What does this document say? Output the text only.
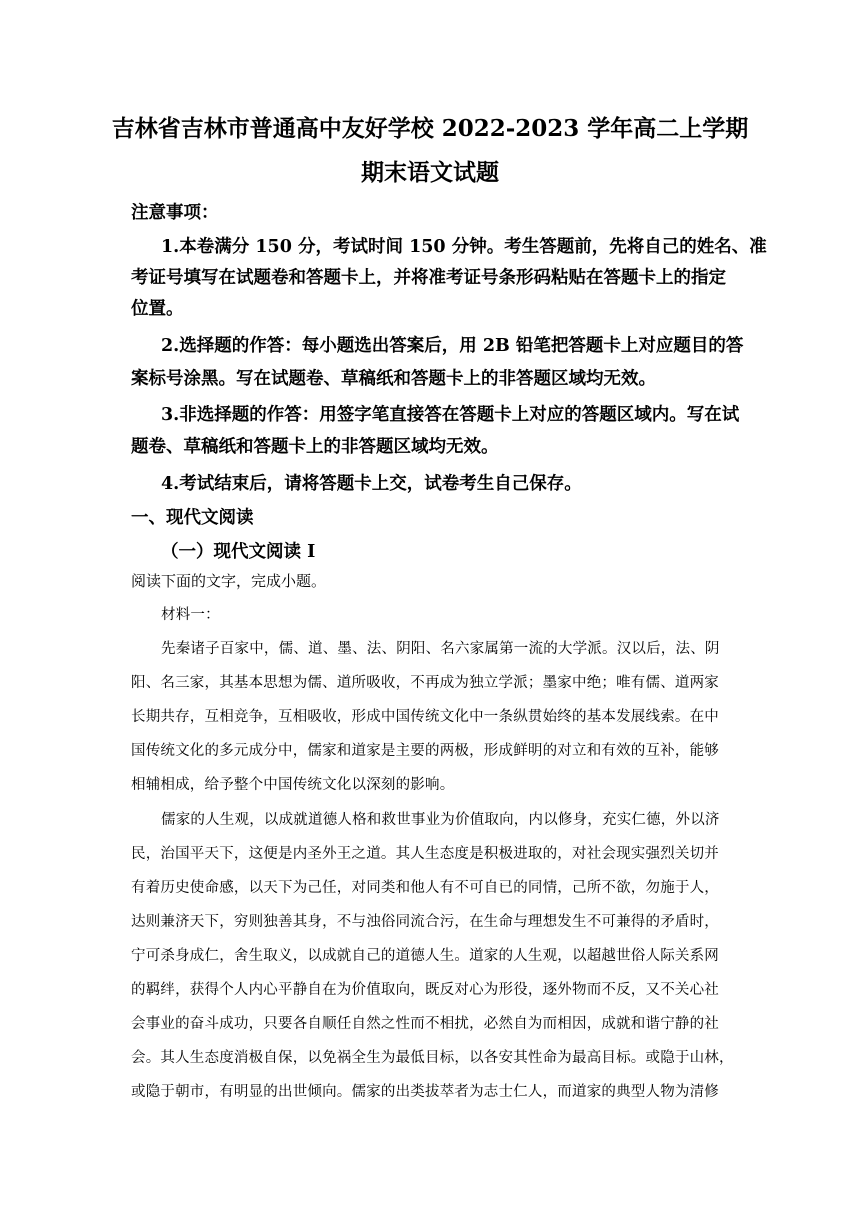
吉林省吉林市普通高中友好学校 2022-2023 学年高二上学期
期末语文试题
注意事项：
1.本卷满分 150 分，考试时间 150 分钟。考生答题前，先将自己的姓名、准
考证号填写在试题卷和答题卡上，并将准考证号条形码粘贴在答题卡上的指定
位置。
2.选择题的作答：每小题选出答案后，用 2B 铅笔把答题卡上对应题目的答
案标号涂黑。写在试题卷、草稿纸和答题卡上的非答题区域均无效。
3.非选择题的作答：用签字笔直接答在答题卡上对应的答题区域内。写在试
题卷、草稿纸和答题卡上的非答题区域均无效。
4.考试结束后，请将答题卡上交，试卷考生自己保存。
一、现代文阅读
（一）现代文阅读 I
阅读下面的文字，完成小题。
材料一：
先秦诸子百家中，儒、道、墨、法、阴阳、名六家属第一流的大学派。汉以后，法、阴
阳、名三家，其基本思想为儒、道所吸收，不再成为独立学派；墨家中绝；唯有儒、道两家
长期共存，互相竞争，互相吸收，形成中国传统文化中一条纵贯始终的基本发展线索。在中
国传统文化的多元成分中，儒家和道家是主要的两极，形成鲜明的对立和有效的互补，能够
相辅相成，给予整个中国传统文化以深刻的影响。
儒家的人生观，以成就道德人格和救世事业为价值取向，内以修身，充实仁德，外以济
民，治国平天下，这便是内圣外王之道。其人生态度是积极进取的，对社会现实强烈关切并
有着历史使命感，以天下为己任，对同类和他人有不可自已的同情，己所不欲，勿施于人，
达则兼济天下，穷则独善其身，不与浊俗同流合污，在生命与理想发生不可兼得的矛盾时，
宁可杀身成仁，舍生取义，以成就自己的道德人生。道家的人生观，以超越世俗人际关系网
的羁绊，获得个人内心平静自在为价值取向，既反对心为形役，逐外物而不反，又不关心社
会事业的奋斗成功，只要各自顺任自然之性而不相扰，必然自为而相因，成就和谐宁静的社
会。其人生态度消极自保，以免祸全生为最低目标，以各安其性命为最高目标。或隐于山林，
或隐于朝市，有明显的出世倾向。儒家的出类拔萃者为志士仁人，而道家的典型人物为清修
